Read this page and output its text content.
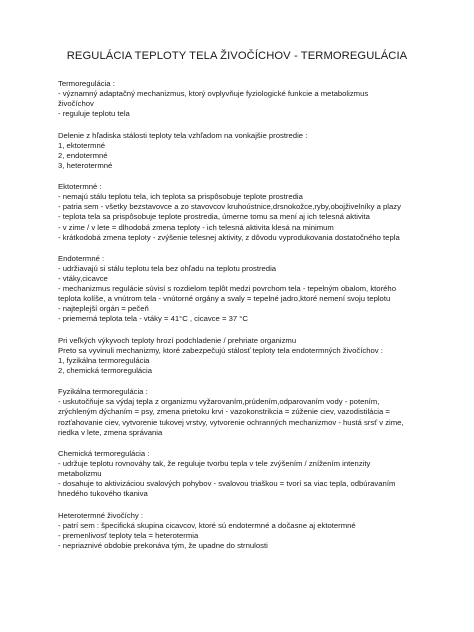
REGULÁCIA TEPLOTY TELA ŽIVOČÍCHOV - TERMOREGULÁCIA
Termoregulácia :
- významný adaptačný mechanizmus, ktorý ovplyvňuje fyziologické funkcie a metabolizmus
živočíchov
- reguluje teplotu tela
Delenie z hľadiska stálosti teploty tela vzhľadom na vonkajšie prostredie :
1, ektotermné
2, endotermné
3, heterotermné
Ektotermné :
- nemajú stálu teplotu tela, ich teplota sa prispôsobuje teplote prostredia
- patria sem - všetky bezstavovce a zo stavovcov kruhoústnice,drsnokožce,ryby,obojživelníky a plazy
- teplota tela sa prispôsobuje teplote prostredia, úmerne tomu sa mení aj ich telesná aktivita
- v zime / v lete = dlhodobá zmena teploty - ich telesná aktivita klesá na minimum
- krátkodobá zmena teploty - zvýšenie telesnej aktivity, z dôvodu vyprodukovania dostatočného tepla
Endotermné :
- udržiavajú si stálu teplotu tela bez ohľadu na teplotu prostredia
- vtáky,cicavce
- mechanizmus regulácie súvisí s rozdielom teplôt medzi povrchom tela - tepelným obalom, ktorého
teplota kolíše, a vnútrom tela - vnútorné orgány a svaly = tepelné jadro,ktoré nemení svoju teplotu
- najteplejší orgán = pečeň
- priemerná teplota tela - vtáky = 41°C , cicavce = 37 °C
Pri veľkých výkyvoch teploty hrozí podchladenie / prehriate organizmu
Preto sa vyvinuli mechanizmy, ktoré zabezpečujú stálosť teploty tela endotermných živočíchov :
1, fyzikálna termoregulácia
2, chemická termoregulácia
Fyzikálna termoregulácia :
- uskutočňuje sa výdaj tepla z organizmu vyžarovaním,prúdením,odparovaním vody - potením,
zrýchleným dýchaním = psy, zmena prietoku krvi - vazokonstrikcia = zúženie ciev, vazodistilácia =
rozťahovanie ciev, vytvorenie tukovej vrstvy, vytvorenie ochranných mechanizmov - hustá srsť v zime,
riedka v lete, zmena správania
Chemická termoregulácia :
- udržuje teplotu rovnováhy tak, že reguluje tvorbu tepla v tele zvýšením / znížením intenzity
metabolizmu
- dosahuje to aktivizáciou svalových pohybov - svalovou triaškou = tvorí sa viac tepla, odbúravaním
hnedého tukového tkaniva
Heterotermné živočíchy :
- patrí sem : špecifická skupina cicavcov, ktoré sú endotermné a dočasne aj ektotermné
- premenlivosť teploty tela = heterotermia
- nepriaznivé obdobie prekonáva tým, že upadne do strnulosti
